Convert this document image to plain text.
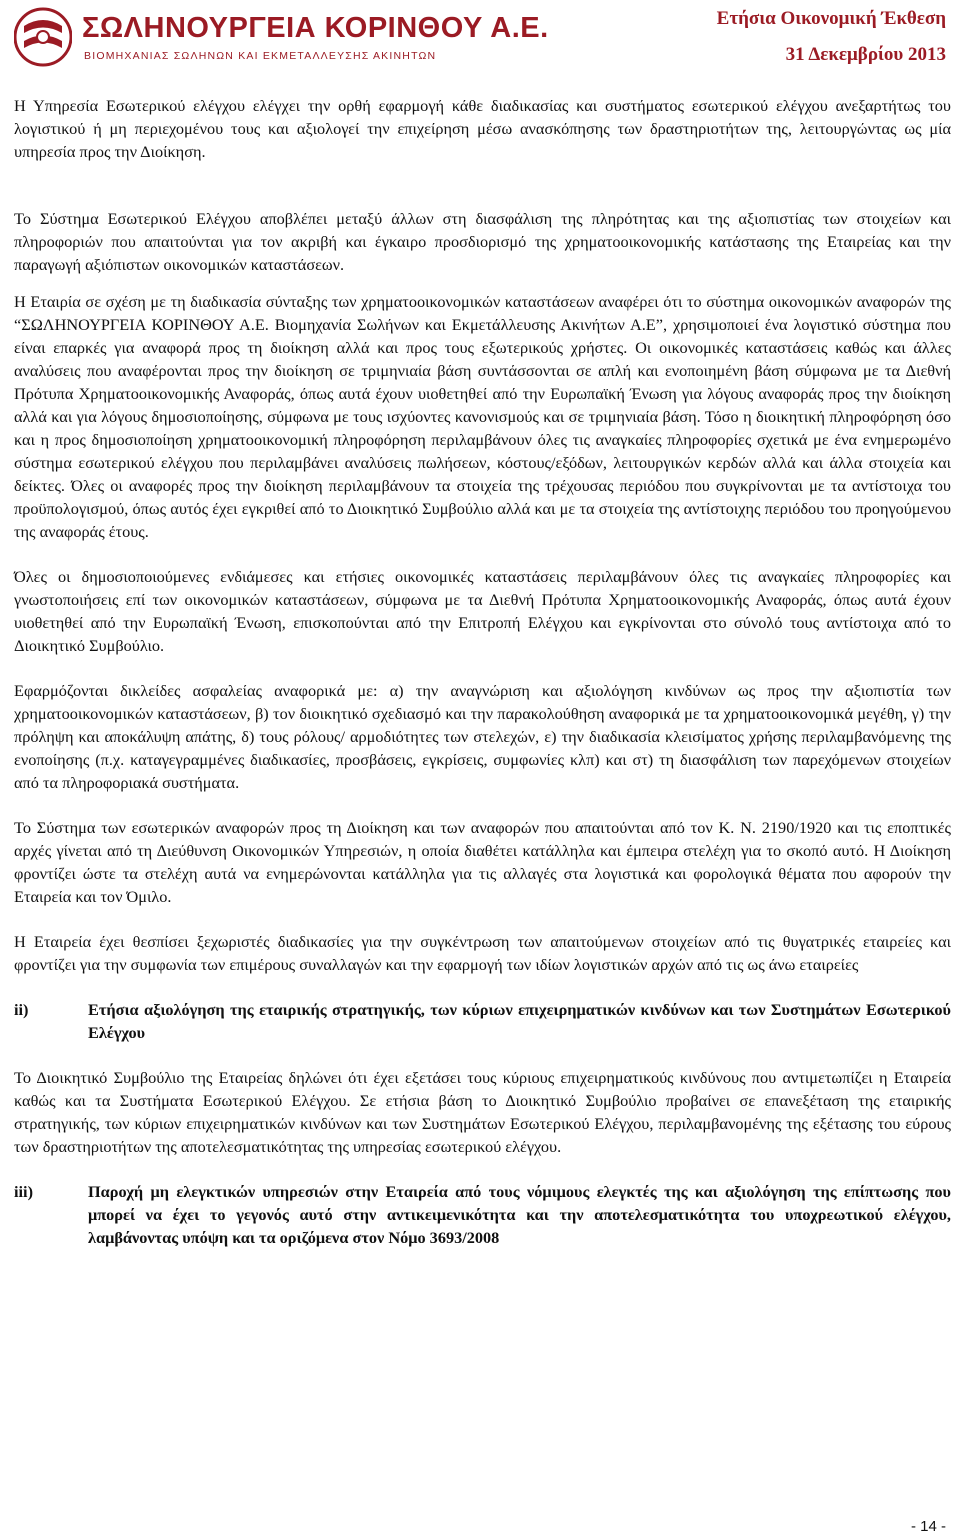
ΣΩΛΗΝΟΥΡΓΕΙΑ ΚΟΡΙΝΘΟΥ Α.Ε.
ΒΙΟΜΗΧΑΝΙΑΣ ΣΩΛΗΝΩΝ ΚΑΙ ΕΚΜΕΤΑΛΛΕΥΣΗΣ ΑΚΙΝΗΤΩΝ
Ετήσια Οικονομική Έκθεση
31 Δεκεμβρίου 2013

Η Υπηρεσία Εσωτερικού ελέγχου ελέγχει την ορθή εφαρμογή κάθε διαδικασίας και συστήματος εσωτερικού ελέγχου ανεξαρτήτως του λογιστικού ή μη περιεχομένου τους και αξιολογεί την επιχείρηση μέσω ανασκόπησης των δραστηριοτήτων της, λειτουργώντας ως μία υπηρεσία προς την Διοίκηση.

Το Σύστημα Εσωτερικού Ελέγχου αποβλέπει μεταξύ άλλων στη διασφάλιση της πληρότητας και της αξιοπιστίας των στοιχείων και πληροφοριών που απαιτούνται για τον ακριβή και έγκαιρο προσδιορισμό της χρηματοοικονομικής κατάστασης της Εταιρείας και την παραγωγή αξιόπιστων οικονομικών καταστάσεων.

Η Εταιρία σε σχέση με τη διαδικασία σύνταξης των χρηματοοικονομικών καταστάσεων αναφέρει ότι το σύστημα οικονομικών αναφορών της “ΣΩΛΗΝΟΥΡΓΕΙΑ ΚΟΡΙΝΘΟΥ Α.Ε. Βιομηχανία Σωλήνων και Εκμετάλλευσης Ακινήτων Α.Ε”, χρησιμοποιεί ένα λογιστικό σύστημα που είναι επαρκές για αναφορά προς τη διοίκηση αλλά και προς τους εξωτερικούς χρήστες. Οι οικονομικές καταστάσεις καθώς και άλλες αναλύσεις που αναφέρονται προς την διοίκηση σε τριμηνιαία βάση συντάσσονται σε απλή και ενοποιημένη βάση σύμφωνα με τα Διεθνή Πρότυπα Χρηματοοικονομικής Αναφοράς, όπως αυτά έχουν υιοθετηθεί από την Ευρωπαϊκή Ένωση για λόγους αναφοράς προς την διοίκηση αλλά και για λόγους δημοσιοποίησης, σύμφωνα με τους ισχύοντες κανονισμούς και σε τριμηνιαία βάση. Τόσο η διοικητική πληροφόρηση όσο και η προς δημοσιοποίηση χρηματοοικονομική πληροφόρηση περιλαμβάνουν όλες τις αναγκαίες πληροφορίες σχετικά με ένα ενημερωμένο σύστημα εσωτερικού ελέγχου που περιλαμβάνει αναλύσεις πωλήσεων, κόστους/εξόδων, λειτουργικών κερδών αλλά και άλλα στοιχεία και δείκτες. Όλες οι αναφορές προς την διοίκηση περιλαμβάνουν τα στοιχεία της τρέχουσας περιόδου που συγκρίνονται με τα αντίστοιχα του προϋπολογισμού, όπως αυτός έχει εγκριθεί από το Διοικητικό Συμβούλιο αλλά και με τα στοιχεία της αντίστοιχης περιόδου του προηγούμενου της αναφοράς έτους.

Όλες οι δημοσιοποιούμενες ενδιάμεσες και ετήσιες οικονομικές καταστάσεις περιλαμβάνουν όλες τις αναγκαίες πληροφορίες και γνωστοποιήσεις επί των οικονομικών καταστάσεων, σύμφωνα με τα Διεθνή Πρότυπα Χρηματοοικονομικής Αναφοράς, όπως αυτά έχουν υιοθετηθεί από την Ευρωπαϊκή Ένωση, επισκοπούνται από την Επιτροπή Ελέγχου και εγκρίνονται στο σύνολό τους αντίστοιχα από το Διοικητικό Συμβούλιο.

Εφαρμόζονται δικλείδες ασφαλείας αναφορικά με: α) την αναγνώριση και αξιολόγηση κινδύνων ως προς την αξιοπιστία των χρηματοοικονομικών καταστάσεων, β) τον διοικητικό σχεδιασμό και την παρακολούθηση αναφορικά με τα χρηματοοικονομικά μεγέθη, γ) την πρόληψη και αποκάλυψη απάτης, δ) τους ρόλους/ αρμοδιότητες των στελεχών, ε) την διαδικασία κλεισίματος χρήσης περιλαμβανόμενης της ενοποίησης (π.χ. καταγεγραμμένες διαδικασίες, προσβάσεις, εγκρίσεις, συμφωνίες κλπ) και στ) τη διασφάλιση των παρεχόμενων στοιχείων από τα πληροφοριακά συστήματα.

Το Σύστημα των εσωτερικών αναφορών προς τη Διοίκηση και των αναφορών που απαιτούνται από τον Κ. Ν. 2190/1920 και τις εποπτικές αρχές γίνεται από τη Διεύθυνση Οικονομικών Υπηρεσιών, η οποία διαθέτει κατάλληλα και έμπειρα στελέχη για το σκοπό αυτό. Η Διοίκηση φροντίζει ώστε τα στελέχη αυτά να ενημερώνονται κατάλληλα για τις αλλαγές στα λογιστικά και φορολογικά θέματα που αφορούν την Εταιρεία και τον Όμιλο.

Η Εταιρεία έχει θεσπίσει ξεχωριστές διαδικασίες για την συγκέντρωση των απαιτούμενων στοιχείων από τις θυγατρικές εταιρείες και φροντίζει για την συμφωνία των επιμέρους συναλλαγών και την εφαρμογή των ιδίων λογιστικών αρχών από τις ως άνω εταιρείες

ii)	Ετήσια αξιολόγηση της εταιρικής στρατηγικής, των κύριων επιχειρηματικών κινδύνων και των Συστημάτων Εσωτερικού Ελέγχου

Το Διοικητικό Συμβούλιο της Εταιρείας δηλώνει ότι έχει εξετάσει τους κύριους επιχειρηματικούς κινδύνους που αντιμετωπίζει η Εταιρεία καθώς και τα Συστήματα Εσωτερικού Ελέγχου. Σε ετήσια βάση το Διοικητικό Συμβούλιο προβαίνει σε επανεξέταση της εταιρικής στρατηγικής, των κύριων επιχειρηματικών κινδύνων και των Συστημάτων Εσωτερικού Ελέγχου, περιλαμβανομένης της εξέτασης του εύρους των δραστηριοτήτων της αποτελεσματικότητας της υπηρεσίας εσωτερικού ελέγχου.

iii)	Παροχή μη ελεγκτικών υπηρεσιών στην Εταιρεία από τους νόμιμους ελεγκτές της και αξιολόγηση της επίπτωσης που μπορεί να έχει το γεγονός αυτό στην αντικειμενικότητα και την αποτελεσματικότητα του υποχρεωτικού ελέγχου, λαμβάνοντας υπόψη και τα οριζόμενα στον Νόμο 3693/2008
- 14 -
